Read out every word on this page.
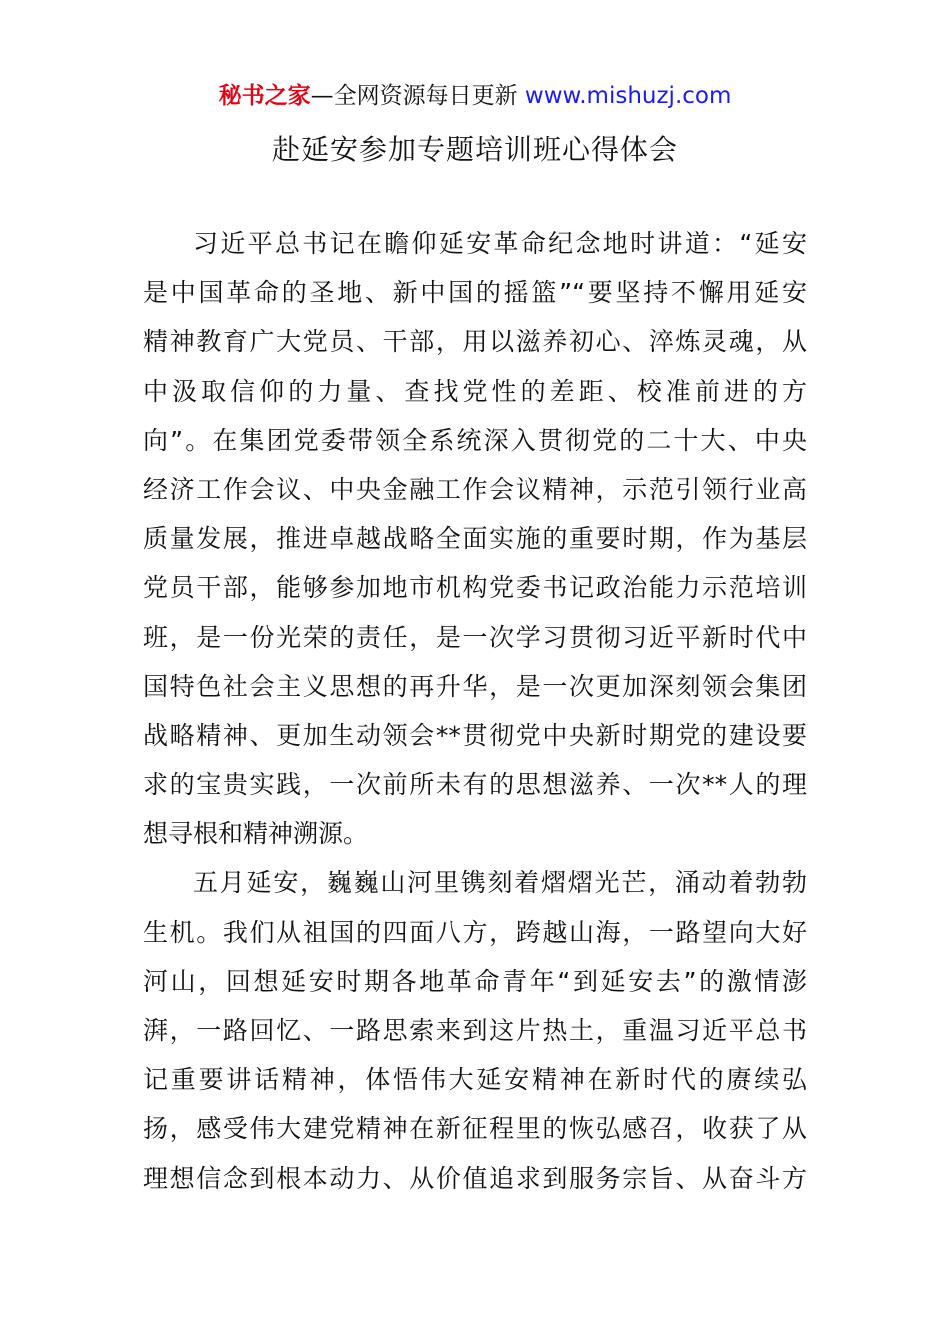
秘书之家—全网资源每日更新 www.mishuzj.com
赴延安参加专题培训班心得体会
习近平总书记在瞻仰延安革命纪念地时讲道：“延安
是中国革命的圣地、新中国的摇篮”“要坚持不懈用延安
精神教育广大党员、干部，用以滋养初心、淬炼灵魂，从
中汲取信仰的力量、查找党性的差距、校准前进的方
向”。在集团党委带领全系统深入贯彻党的二十大、中央
经济工作会议、中央金融工作会议精神，示范引领行业高
质量发展，推进卓越战略全面实施的重要时期，作为基层
党员干部，能够参加地市机构党委书记政治能力示范培训
班，是一份光荣的责任，是一次学习贯彻习近平新时代中
国特色社会主义思想的再升华，是一次更加深刻领会集团
战略精神、更加生动领会**贯彻党中央新时期党的建设要
求的宝贵实践，一次前所未有的思想滋养、一次**人的理
想寻根和精神溯源。
五月延安，巍巍山河里镌刻着熠熠光芒，涌动着勃勃
生机。我们从祖国的四面八方，跨越山海，一路望向大好
河山，回想延安时期各地革命青年“到延安去”的激情澎
湃，一路回忆、一路思索来到这片热土，重温习近平总书
记重要讲话精神，体悟伟大延安精神在新时代的赓续弘
扬，感受伟大建党精神在新征程里的恢弘感召，收获了从
理想信念到根本动力、从价值追求到服务宗旨、从奋斗方
